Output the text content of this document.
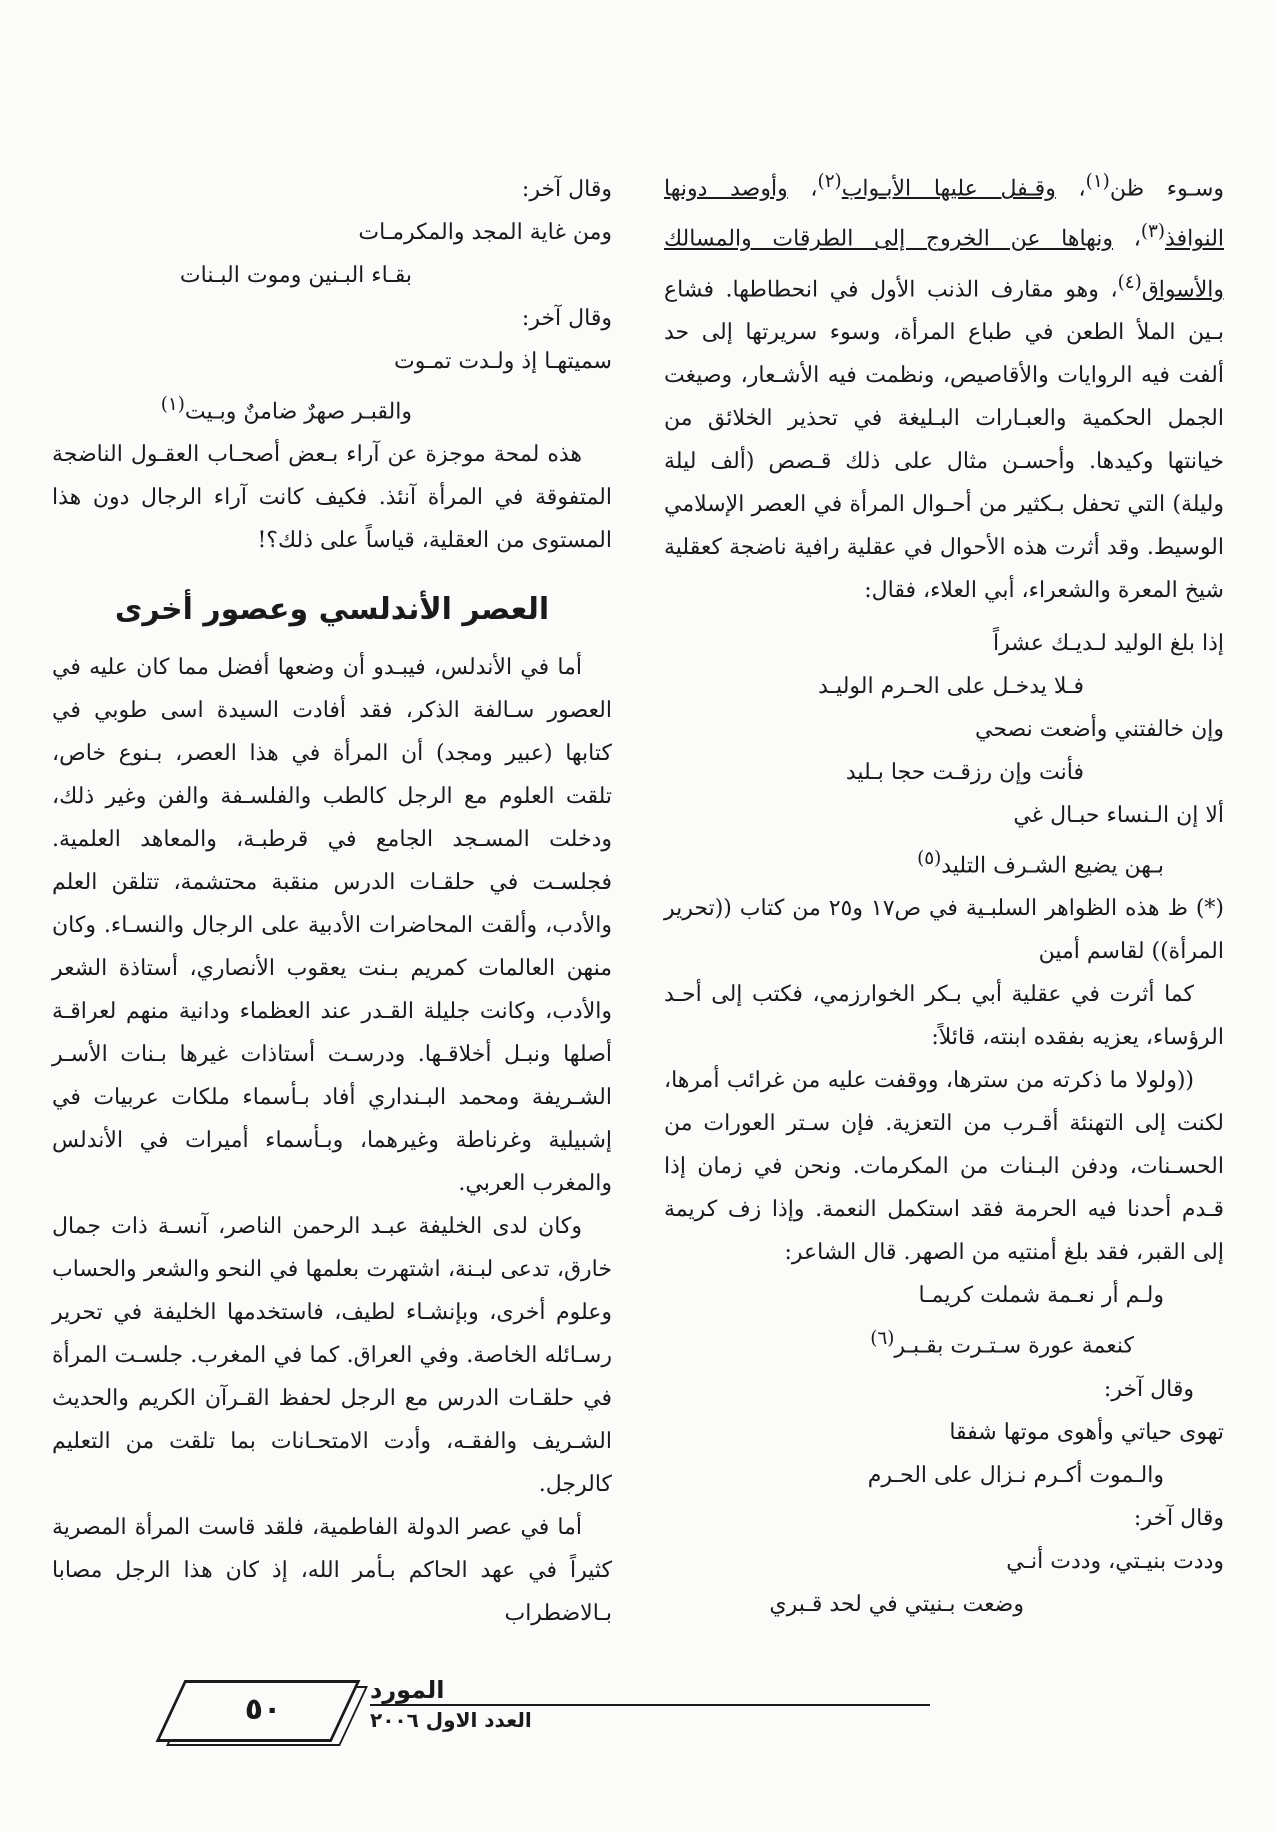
وسـوء ظن$^{(١)}$، وقـفل عليها الأبـواب$^{(٢)}$، وأوصد دونها النوافذ$^{(٣)}$، ونهاها عن الخروج إلى الطرقات والمسالك والأسواق$^{(٤)}$، وهو مقارف الذنب الأول في انحطاطها. فشاع بـين الملأ الطعن في طباع المرأة، وسوء سريرتها إلى حد ألفت فيه الروايات والأقاصيص، ونظمت فيه الأشـعار، وصيغت الجمل الحكمية والعبـارات البـليغة في تحذير الخلائق من خيانتها وكيدها. وأحسـن مثال على ذلك قـصص (ألف ليلة وليلة) التي تحفل بـكثير من أحـوال المرأة في العصر الإسلامي الوسيط. وقد أثرت هذه الأحوال في عقلية رافية ناضجة كعقلية شيخ المعرة والشعراء، أبي العلاء، فقال:

إذا بلغ الوليد لـديـك عشراً

فـلا يدخـل على الحـرم الوليـد

وإن خالفتني وأضعت نصحي

فأنت وإن رزقـت حجا بـليد

ألا إن الـنساء حبـال غي

بـهن يضيع الشـرف التليد$^{(٥)}$

(*) ظ هذه الظواهر السلبـية في ص١٧ و٢٥ من كتاب ((تحرير المرأة)) لقاسم أمين

كما أثرت في عقلية أبي بـكر الخوارزمي، فكتب إلى أحـد الرؤساء، يعزيه بفقده ابنته، قائلاً:

((ولولا ما ذكرته من سترها، ووقفت عليه من غرائب أمرها، لكنت إلى التهنئة أقـرب من التعزية. فإن سـتر العورات من الحسـنات، ودفن البـنات من المكرمات. ونحن في زمان إذا قـدم أحدنا فيه الحرمة فقد استكمل النعمة. وإذا زف كريمة إلى القبر، فقد بلغ أمنتيه من الصهر. قال الشاعر:

ولـم أر نعـمة شملت كريمـا

كنعمة عورة سـتـرت بقـبـر$^{(٦)}$

وقال آخر:

تهوى حياتي وأهوى موتها شفقا

والـموت أكـرم نـزال على الحـرم

وقال آخر:

وددت بنيـتي، وددت أنـي

وضعت بـنيتي في لحد قـبري

وقال آخر:

ومن غاية المجد والمكرمـات

بقـاء البـنين وموت البـنات

وقال آخر:

سميتهـا إذ ولـدت تمـوت

والقبـر صهرٌ ضامنٌ وبـيت$^{(١)}$

هذه لمحة موجزة عن آراء بـعض أصحـاب العقـول الناضجة المتفوقة في المرأة آنئذ. فكيف كانت آراء الرجال دون هذا المستوى من العقلية، قياساً على ذلك؟!

العصر الأندلسي وعصور أخرى

أما في الأندلس، فيبـدو أن وضعها أفضل مما كان عليه في العصور سـالفة الذكر، فقد أفادت السيدة اسى طوبي في كتابها (عبير ومجد) أن المرأة في هذا العصر، بـنوع خاص، تلقت العلوم مع الرجل كالطب والفلسـفة والفن وغير ذلك، ودخلت المسـجد الجامع في قرطبـة، والمعاهد العلمية. فجلسـت في حلقـات الدرس منقبة محتشمة، تتلقن العلم والأدب، وألقت المحاضرات الأدبية على الرجال والنسـاء. وكان منهن العالمات كمريم بـنت يعقوب الأنصاري، أستاذة الشعر والأدب، وكانت جليلة القـدر عند العظماء ودانية منهم لعراقـة أصلها ونبـل أخلاقـها. ودرسـت أستاذات غيرها بـنات الأسـر الشـريفة ومحمد البـنداري أفاد بـأسماء ملكات عربيات في إشبيلية وغرناطة وغيرهما، وبـأسماء أميرات في الأندلس والمغرب العربي.

وكان لدى الخليفة عبـد الرحمن الناصر، آنسـة ذات جمال خارق، تدعى لبـنة، اشتهرت بعلمها في النحو والشعر والحساب وعلوم أخرى، وبإنشـاء لطيف، فاستخدمها الخليفة في تحرير رسـائله الخاصة. وفي العراق. كما في المغرب. جلسـت المرأة في حلقـات الدرس مع الرجل لحفظ القـرآن الكريم والحديث الشـريف والفقـه، وأدت الامتحـانات بما تلقت من التعليم كالرجل.

أما في عصر الدولة الفاطمية، فلقد قاست المرأة المصرية كثيراً في عهد الحاكم بـأمر الله، إذ كان هذا الرجل مصابا بـالاضطراب

٥٠
المورد
العدد الاول ٢٠٠٦
